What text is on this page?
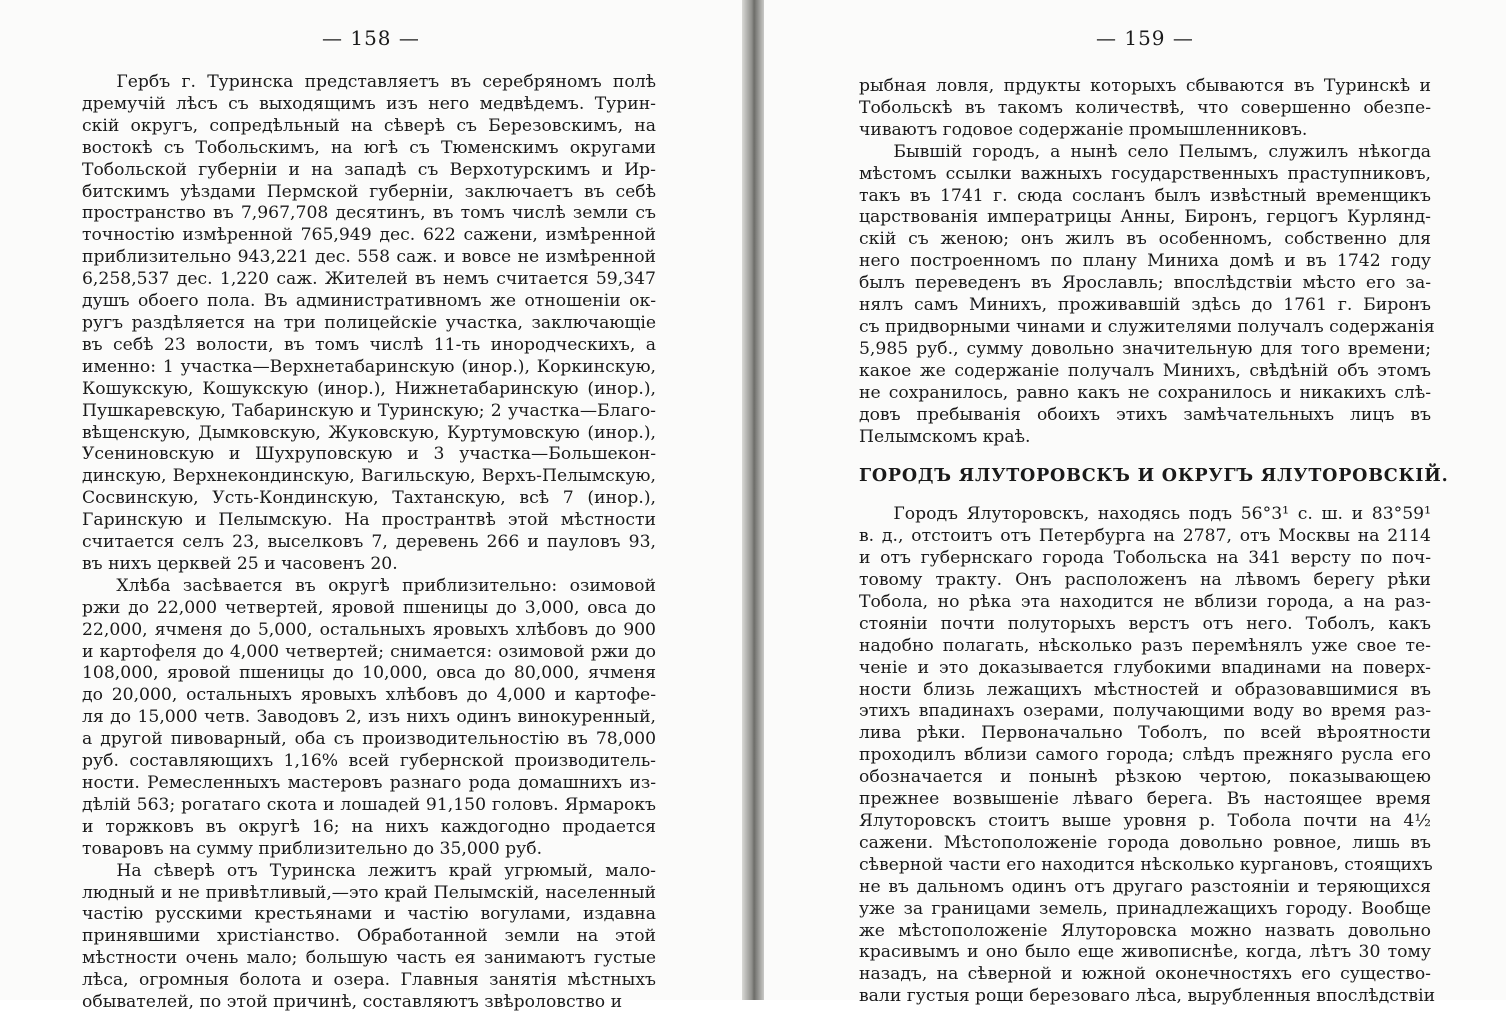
— 158 —
  Гербъ г. Туринска представляетъ въ серебряномъ полѣ
дремучій лѣсъ съ выходящимъ изъ него медвѣдемъ. Турин-
скій округъ, сопредѣльный на сѣверѣ съ Березовскимъ, на
востокѣ съ Тобольскимъ, на югѣ съ Тюменскимъ округами
Тобольской губерніи и на западѣ съ Верхотурскимъ и Ир-
битскимъ уѣздами Пермской губерніи, заключаетъ въ себѣ
пространство въ 7,967,708 десятинъ, въ томъ числѣ земли съ
точностію измѣренной 765,949 дес. 622 сажени, измѣренной
приблизительно 943,221 дес. 558 саж. и вовсе не измѣренной
6,258,537 дес. 1,220 саж. Жителей въ немъ считается 59,347
душъ обоего пола. Въ административномъ же отношеніи ок-
ругъ раздѣляется на три полицейскіе участка, заключающіе
въ себѣ 23 волости, въ томъ числѣ 11-ть инородческихъ, а
именно: 1 участка—Верхнетабаринскую (инор.), Коркинскую,
Кошукскую, Кошукскую (инор.), Нижнетабаринскую (инор.),
Пушкаревскую, Табаринскую и Туринскую; 2 участка—Благо-
вѣщенскую, Дымковскую, Жуковскую, Куртумовскую (инор.),
Усениновскую и Шухруповскую и 3 участка—Большекон-
динскую, Верхнекондинскую, Вагильскую, Верхъ-Пелымскую,
Сосвинскую, Усть-Кондинскую, Тахтанскую, всѣ 7 (инор.),
Гаринскую и Пелымскую. На пространтвѣ этой мѣстности
считается селъ 23, выселковъ 7, деревень 266 и пауловъ 93,
въ нихъ церквей 25 и часовенъ 20.
  Хлѣба засѣвается въ округѣ приблизительно: озимовой
ржи до 22,000 четвертей, яровой пшеницы до 3,000, овса до
22,000, ячменя до 5,000, остальныхъ яровыхъ хлѣбовъ до 900
и картофеля до 4,000 четвертей; снимается: озимовой ржи до
108,000, яровой пшеницы до 10,000, овса до 80,000, ячменя
до 20,000, остальныхъ яровыхъ хлѣбовъ до 4,000 и картофе-
ля до 15,000 четв. Заводовъ 2, изъ нихъ одинъ винокуренный,
а другой пивоварный, оба съ производительностію въ 78,000
руб. составляющихъ 1,16% всей губернской производитель-
ности. Ремесленныхъ мастеровъ разнаго рода домашнихъ из-
дѣлій 563; рогатаго скота и лошадей 91,150 головъ. Ярмарокъ
и торжковъ въ округѣ 16; на нихъ каждогодно продается
товаровъ на сумму приблизительно до 35,000 руб.
  На сѣверѣ отъ Туринска лежитъ край угрюмый, мало-
людный и не привѣтливый,—это край Пелымскій, населенный
частію русскими крестьянами и частію вогулами, издавна
принявшими христіанство. Обработанной земли на этой
мѣстности очень мало; большую часть ея занимаютъ густые
лѣса, огромныя болота и озера. Главныя занятія мѣстныхъ
обывателей, по этой причинѣ, составляютъ звѣроловство и
— 159 —
рыбная ловля, прдукты которыхъ сбываются въ Туринскѣ и
Тобольскѣ въ такомъ количествѣ, что совершенно обезпе-
чиваютъ годовое содержаніе промышленниковъ.
  Бывшій городъ, а нынѣ село Пелымъ, служилъ нѣкогда
мѣстомъ ссылки важныхъ государственныхъ праступниковъ,
такъ въ 1741 г. сюда сосланъ былъ извѣстный временщикъ
царствованія императрицы Анны, Биронъ, герцогъ Курлянд-
скій съ женою; онъ жилъ въ особенномъ, собственно для
него построенномъ по плану Миниха домѣ и въ 1742 году
былъ переведенъ въ Ярославль; впослѣдствіи мѣсто его за-
нялъ самъ Минихъ, проживавшій здѣсь до 1761 г. Биронъ
съ придворными чинами и служителями получалъ содержанія
5,985 руб., сумму довольно значительную для того времени;
какое же содержаніе получалъ Минихъ, свѣдѣній объ этомъ
не сохранилось, равно какъ не сохранилось и никакихъ слѣ-
довъ пребыванія обоихъ этихъ замѣчательныхъ лицъ въ
Пелымскомъ краѣ.
ГОРОДЪ ЯЛУТОРОВСКЪ И ОКРУГЪ ЯЛУТОРОВСКІЙ.
  Городъ Ялуторовскъ, находясь подъ 56°3¹ с. ш. и 83°59¹
в. д., отстоитъ отъ Петербурга на 2787, отъ Москвы на 2114
и отъ губернскаго города Тобольска на 341 версту по поч-
товому тракту. Онъ расположенъ на лѣвомъ берегу рѣки
Тобола, но рѣка эта находится не вблизи города, а на раз-
стояніи почти полуторыхъ верстъ отъ него. Тоболъ, какъ
надобно полагать, нѣсколько разъ перемѣнялъ уже свое те-
ченіе и это доказывается глубокими впадинами на поверх-
ности близь лежащихъ мѣстностей и образовавшимися въ
этихъ впадинахъ озерами, получающими воду во время раз-
лива рѣки. Первоначально Тоболъ, по всей вѣроятности
проходилъ вблизи самого города; слѣдъ прежняго русла его
обозначается и понынѣ рѣзкою чертою, показывающею
прежнее возвышеніе лѣваго берега. Въ настоящее время
Ялуторовскъ стоитъ выше уровня р. Тобола почти на 4½
сажени. Мѣстоположеніе города довольно ровное, лишь въ
сѣверной части его находится нѣсколько кургановъ, стоящихъ
не въ дальномъ одинъ отъ другаго разстояніи и теряющихся
уже за границами земель, принадлежащихъ городу. Вообще
же мѣстоположеніе Ялуторовска можно назвать довольно
красивымъ и оно было еще живописнѣе, когда, лѣтъ 30 тому
назадъ, на сѣверной и южной оконечностяхъ его существо-
вали густыя рощи березоваго лѣса, вырубленныя впослѣдствіи
